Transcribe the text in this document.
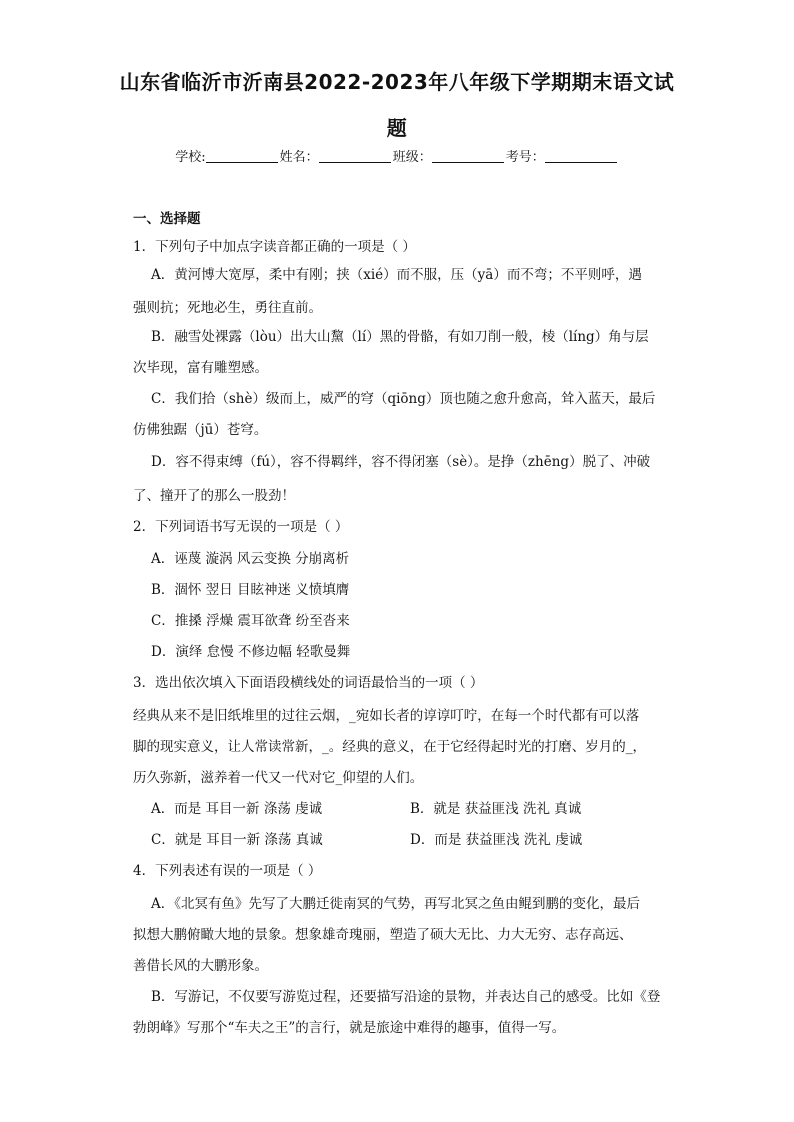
山东省临沂市沂南县2022-2023年八年级下学期期末语文试
题
学校:	姓名：	班级：	考号：
一、选择题
1．下列句子中加点字读音都正确的一项是（ ）
A．黄河博大宽厚，柔中有刚；挟（xié）而不服，压（yā）而不弯；不平则呼，遇
强则抗；死地必生，勇往直前。
B．融雪处裸露（lòu）出大山黧（lí）黑的骨骼，有如刀削一般，棱（líng）角与层
次毕现，富有雕塑感。
C．我们拾（shè）级而上，威严的穹（qiōng）顶也随之愈升愈高，耸入蓝天，最后
仿佛独踞（jū）苍穹。
D．容不得束缚（fú），容不得羁绊，容不得闭塞（sè）。是挣（zhēng）脱了、冲破
了、撞开了的那么一股劲！
2．下列词语书写无误的一项是（ ）
A．诬蔑 漩涡 风云变换 分崩离析
B．涸怀 翌日 目眩神迷 义愤填膺
C．推搡 浮燥 震耳欲聋 纷至沓来
D．演绎 怠慢 不修边幅 轻歌曼舞
3．选出依次填入下面语段横线处的词语最恰当的一项（ ）
经典从来不是旧纸堆里的过往云烟，_宛如长者的谆谆叮咛，在每一个时代都有可以落
脚的现实意义，让人常读常新，_。经典的意义，在于它经得起时光的打磨、岁月的_，
历久弥新，滋养着一代又一代对它_仰望的人们。
A．而是 耳目一新 涤荡 虔诚	B．就是 获益匪浅 洗礼 真诚
C．就是 耳目一新 涤荡 真诚	D．而是 获益匪浅 洗礼 虔诚
4．下列表述有误的一项是（ ）
A．《北冥有鱼》先写了大鹏迁徙南冥的气势，再写北冥之鱼由鲲到鹏的变化，最后
拟想大鹏俯瞰大地的景象。想象雄奇瑰丽，塑造了硕大无比、力大无穷、志存高远、
善借长风的大鹏形象。
B．写游记，不仅要写游览过程，还要描写沿途的景物，并表达自己的感受。比如《登
勃朗峰》写那个“车夫之王”的言行，就是旅途中难得的趣事，值得一写。
